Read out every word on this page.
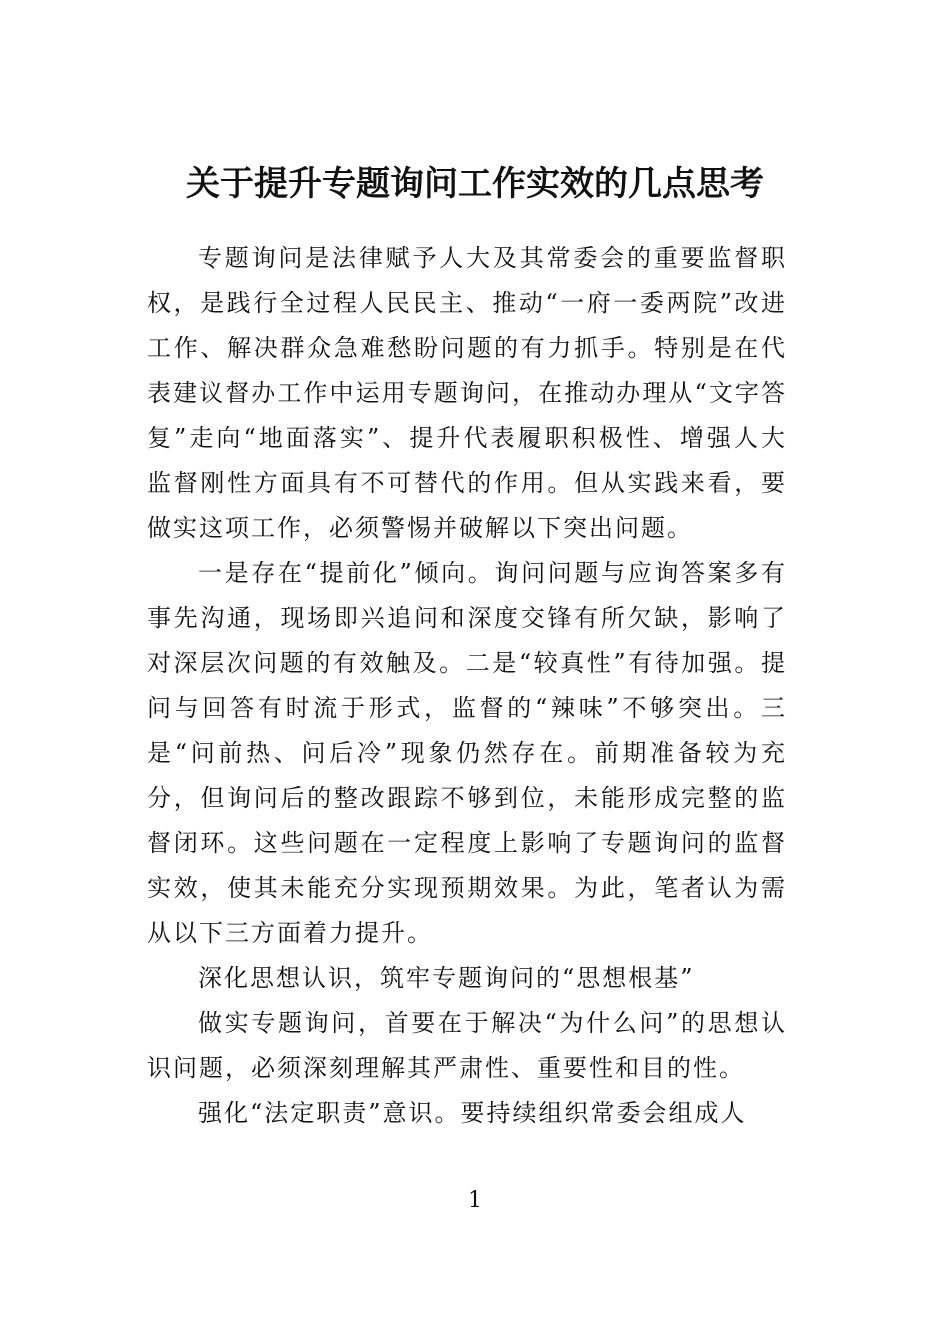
关于提升专题询问工作实效的几点思考

专题询问是法律赋予人大及其常委会的重要监督职权，是践行全过程人民民主、推动“一府一委两院”改进工作、解决群众急难愁盼问题的有力抓手。特别是在代表建议督办工作中运用专题询问，在推动办理从“文字答复”走向“地面落实”、提升代表履职积极性、增强人大监督刚性方面具有不可替代的作用。但从实践来看，要做实这项工作，必须警惕并破解以下突出问题。

一是存在“提前化”倾向。询问问题与应询答案多有事先沟通，现场即兴追问和深度交锋有所欠缺，影响了对深层次问题的有效触及。二是“较真性”有待加强。提问与回答有时流于形式，监督的“辣味”不够突出。三是“问前热、问后冷”现象仍然存在。前期准备较为充分，但询问后的整改跟踪不够到位，未能形成完整的监督闭环。这些问题在一定程度上影响了专题询问的监督实效，使其未能充分实现预期效果。为此，笔者认为需从以下三方面着力提升。

深化思想认识，筑牢专题询问的“思想根基”

做实专题询问，首要在于解决“为什么问”的思想认识问题，必须深刻理解其严肃性、重要性和目的性。

强化“法定职责”意识。要持续组织常委会组成人

1
